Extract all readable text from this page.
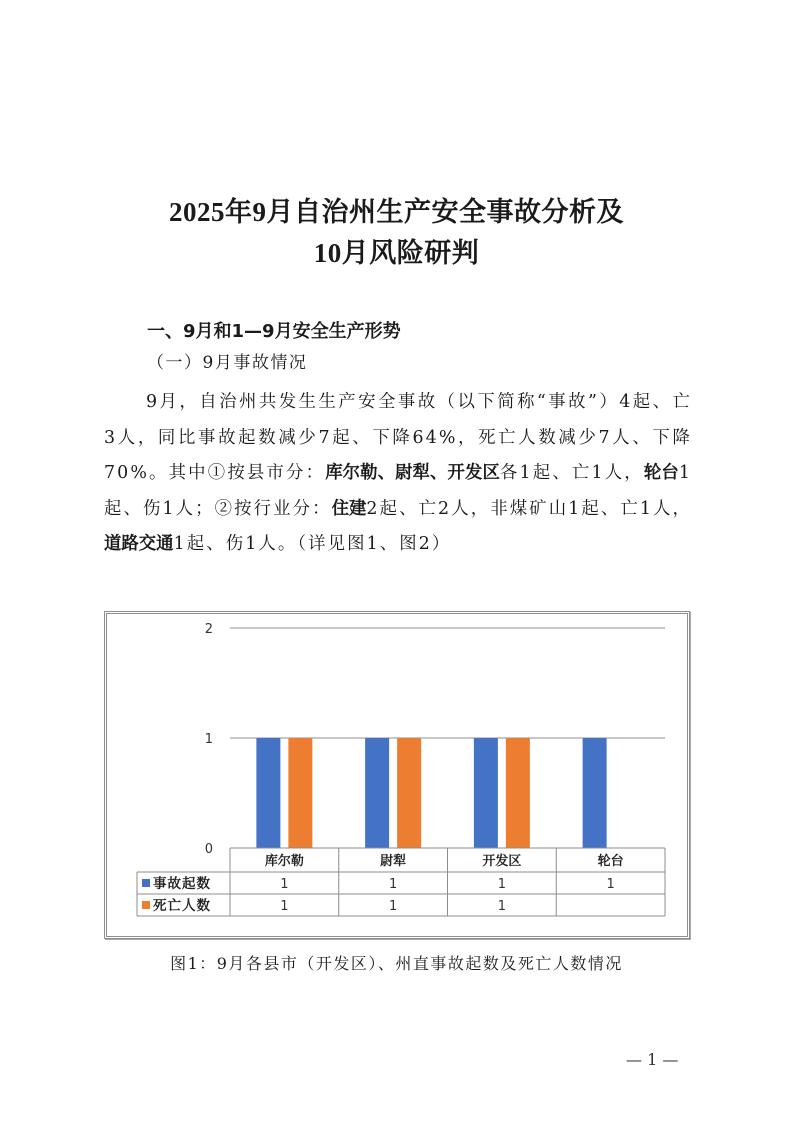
2025年9月自治州生产安全事故分析及
10月风险研判
一、9月和1—9月安全生产形势
（一）9月事故情况
9月，自治州共发生生产安全事故（以下简称“事故”）4起、亡3人，同比事故起数减少7起、下降64%，死亡人数减少7人、下降70%。其中①按县市分：库尔勒、尉犁、开发区各1起、亡1人，轮台1起、伤1人；②按行业分：住建2起、亡2人，非煤矿山1起、亡1人，道路交通1起、伤1人。（详见图1、图2）
0
1
2
库尔勒	尉犁	开发区	轮台
事故起数	1	1	1	1
死亡人数	1	1	1
图1：9月各县市（开发区）、州直事故起数及死亡人数情况
— 1 —
